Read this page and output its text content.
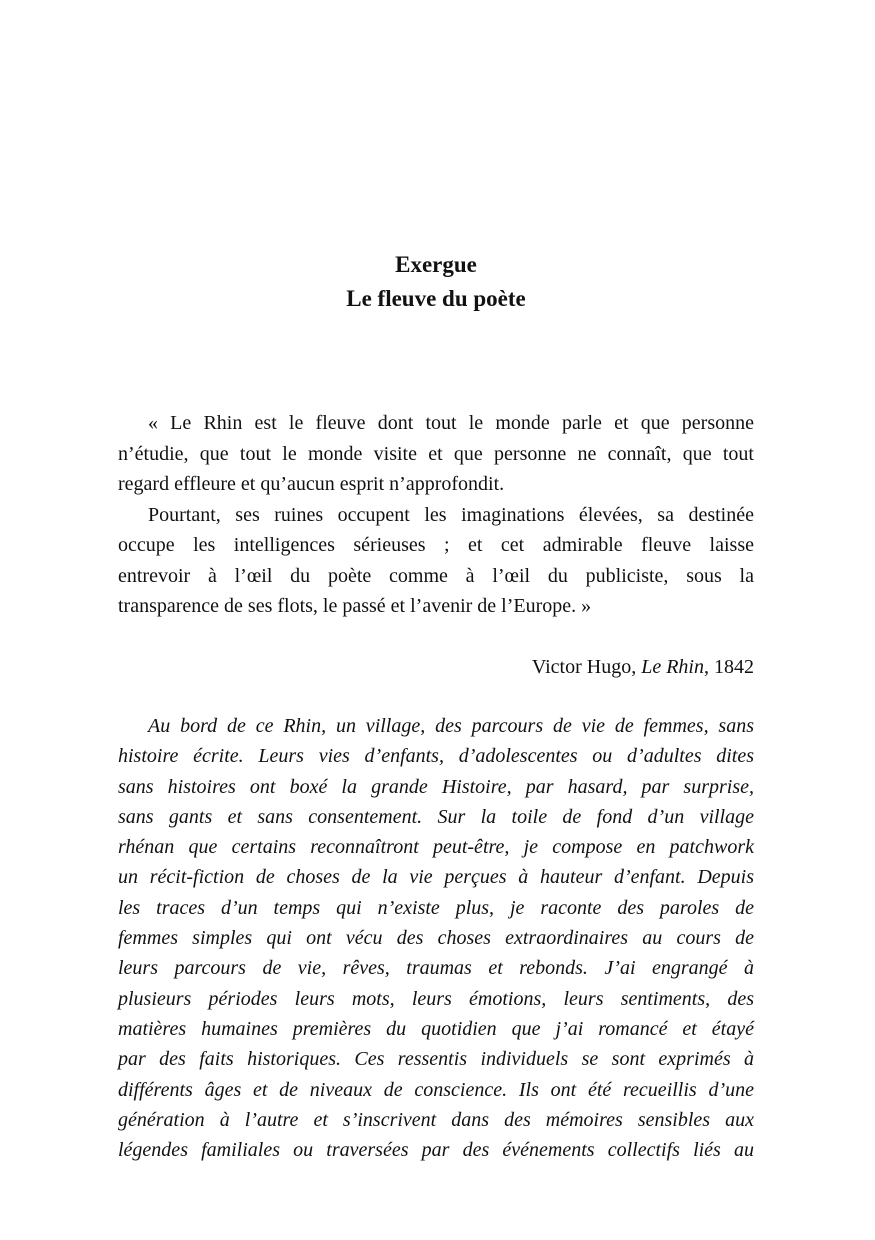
Exergue
Le fleuve du poète
« Le Rhin est le fleuve dont tout le monde parle et que personne
n’étudie, que tout le monde visite et que personne ne connaît, que tout
regard effleure et qu’aucun esprit n’approfondit.
Pourtant, ses ruines occupent les imaginations élevées, sa destinée
occupe les intelligences sérieuses ; et cet admirable fleuve laisse
entrevoir à l’œil du poète comme à l’œil du publiciste, sous la
transparence de ses flots, le passé et l’avenir de l’Europe. »

Victor Hugo, Le Rhin, 1842

Au bord de ce Rhin, un village, des parcours de vie de femmes, sans
histoire écrite. Leurs vies d’enfants, d’adolescentes ou d’adultes dites
sans histoires ont boxé la grande Histoire, par hasard, par surprise,
sans gants et sans consentement. Sur la toile de fond d’un village
rhénan que certains reconnaîtront peut-être, je compose en patchwork
un récit-fiction de choses de la vie perçues à hauteur d’enfant. Depuis
les traces d’un temps qui n’existe plus, je raconte des paroles de
femmes simples qui ont vécu des choses extraordinaires au cours de
leurs parcours de vie, rêves, traumas et rebonds. J’ai engrangé à
plusieurs périodes leurs mots, leurs émotions, leurs sentiments, des
matières humaines premières du quotidien que j’ai romancé et étayé
par des faits historiques. Ces ressentis individuels se sont exprimés à
différents âges et de niveaux de conscience. Ils ont été recueillis d’une
génération à l’autre et s’inscrivent dans des mémoires sensibles aux
légendes familiales ou traversées par des événements collectifs liés au
